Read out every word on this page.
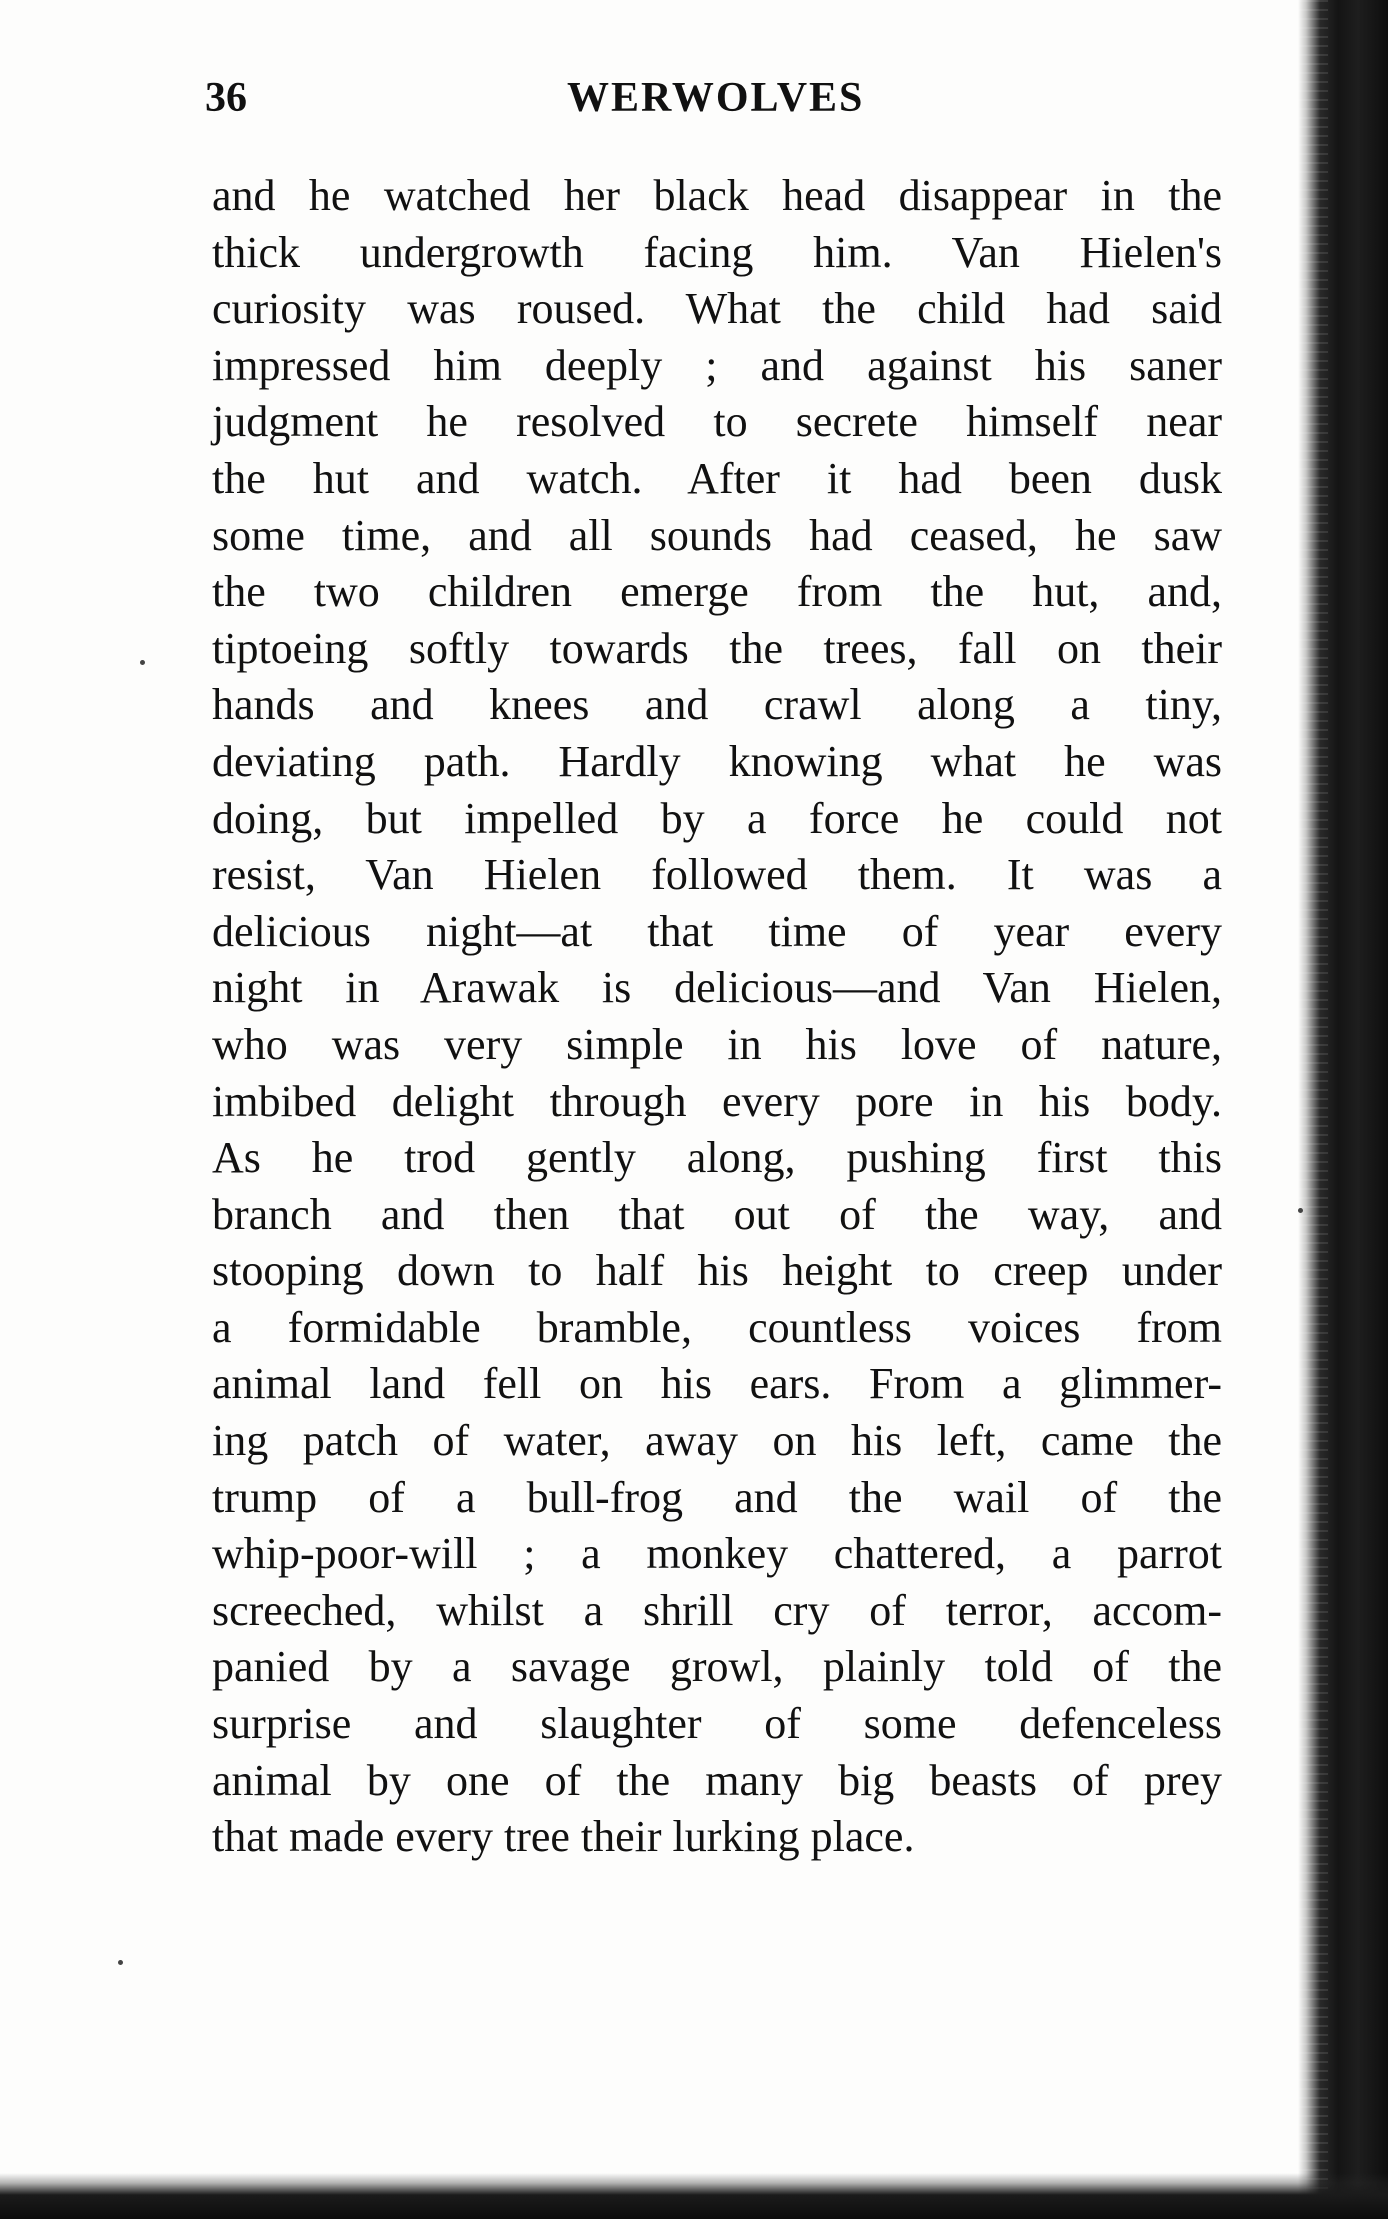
36	WERWOLVES
and he watched her black head disappear in the
thick undergrowth facing him. Van Hielen's
curiosity was roused. What the child had said
impressed him deeply ; and against his saner
judgment he resolved to secrete himself near
the hut and watch. After it had been dusk
some time, and all sounds had ceased, he saw
the two children emerge from the hut, and,
tiptoeing softly towards the trees, fall on their
hands and knees and crawl along a tiny,
deviating path. Hardly knowing what he was
doing, but impelled by a force he could not
resist, Van Hielen followed them. It was a
delicious night—at that time of year every
night in Arawak is delicious—and Van Hielen,
who was very simple in his love of nature,
imbibed delight through every pore in his body.
As he trod gently along, pushing first this
branch and then that out of the way, and
stooping down to half his height to creep under
a formidable bramble, countless voices from
animal land fell on his ears. From a glimmer-
ing patch of water, away on his left, came the
trump of a bull-frog and the wail of the
whip-poor-will ; a monkey chattered, a parrot
screeched, whilst a shrill cry of terror, accom-
panied by a savage growl, plainly told of the
surprise and slaughter of some defenceless
animal by one of the many big beasts of prey
that made every tree their lurking place.
